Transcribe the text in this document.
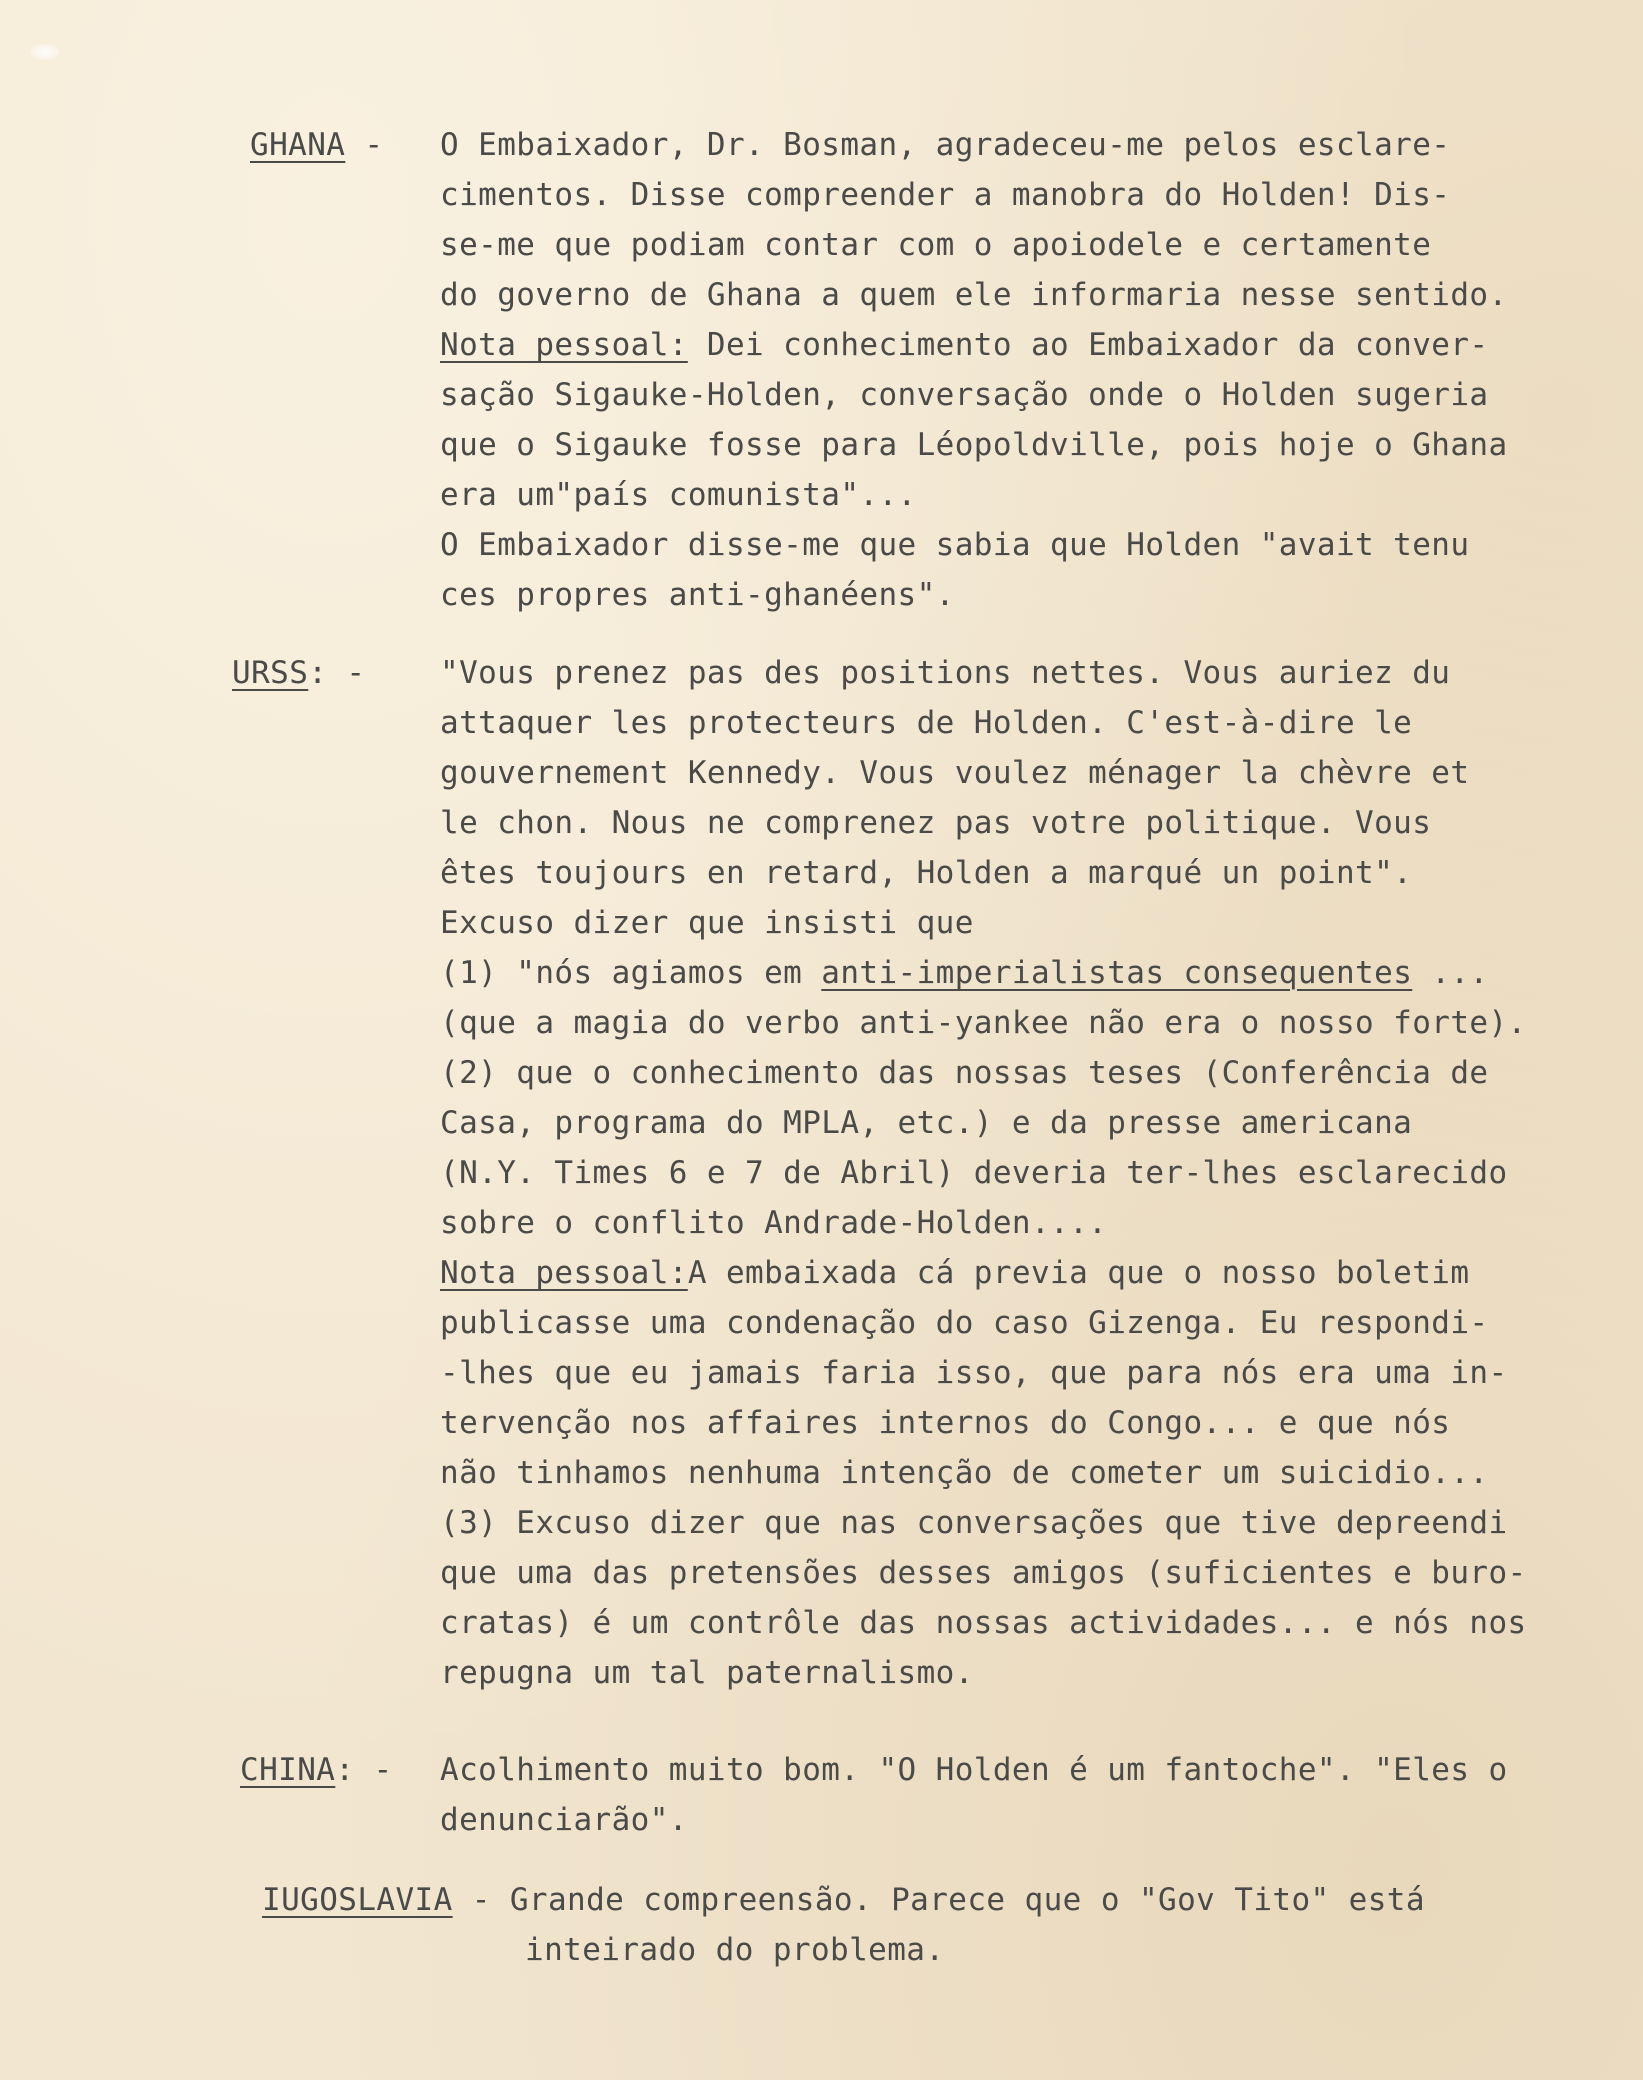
GHANA - O Embaixador, Dr. Bosman, agradeceu-me pelos esclare-
cimentos. Disse compreender a manobra do Holden! Dis-
se-me que podiam contar com o apoiodele e certamente
do governo de Ghana a quem ele informaria nesse sentido.
Nota pessoal: Dei conhecimento ao Embaixador da conver-
sação Sigauke-Holden, conversação onde o Holden sugeria
que o Sigauke fosse para Léopoldville, pois hoje o Ghana
era um"país comunista"...
O Embaixador disse-me que sabia que Holden "avait tenu
ces propres anti-ghanéens".
URSS: - "Vous prenez pas des positions nettes. Vous auriez du
attaquer les protecteurs de Holden. C'est-à-dire le
gouvernement Kennedy. Vous voulez ménager la chèvre et
le chon. Nous ne comprenez pas votre politique. Vous
êtes toujours en retard, Holden a marqué un point".
Excuso dizer que insisti que
(1) "nós agiamos em anti-imperialistas consequentes ...
(que a magia do verbo anti-yankee não era o nosso forte).
(2) que o conhecimento das nossas teses (Conferência de
Casa, programa do MPLA, etc.) e da presse americana
(N.Y. Times 6 e 7 de Abril) deveria ter-lhes esclarecido
sobre o conflito Andrade-Holden....
Nota pessoal:A embaixada cá previa que o nosso boletim
publicasse uma condenação do caso Gizenga. Eu respondi-
-lhes que eu jamais faria isso, que para nós era uma in-
tervenção nos affaires internos do Congo... e que nós
não tinhamos nenhuma intenção de cometer um suicidio...
(3) Excuso dizer que nas conversações que tive depreendi
que uma das pretensões desses amigos (suficientes e buro-
cratas) é um contrôle das nossas actividades... e nós nos
repugna um tal paternalismo.
CHINA: - Acolhimento muito bom. "O Holden é um fantoche". "Eles o
denunciarão".
IUGOSLAVIA - Grande compreensão. Parece que o "Gov Tito" está
inteirado do problema.
